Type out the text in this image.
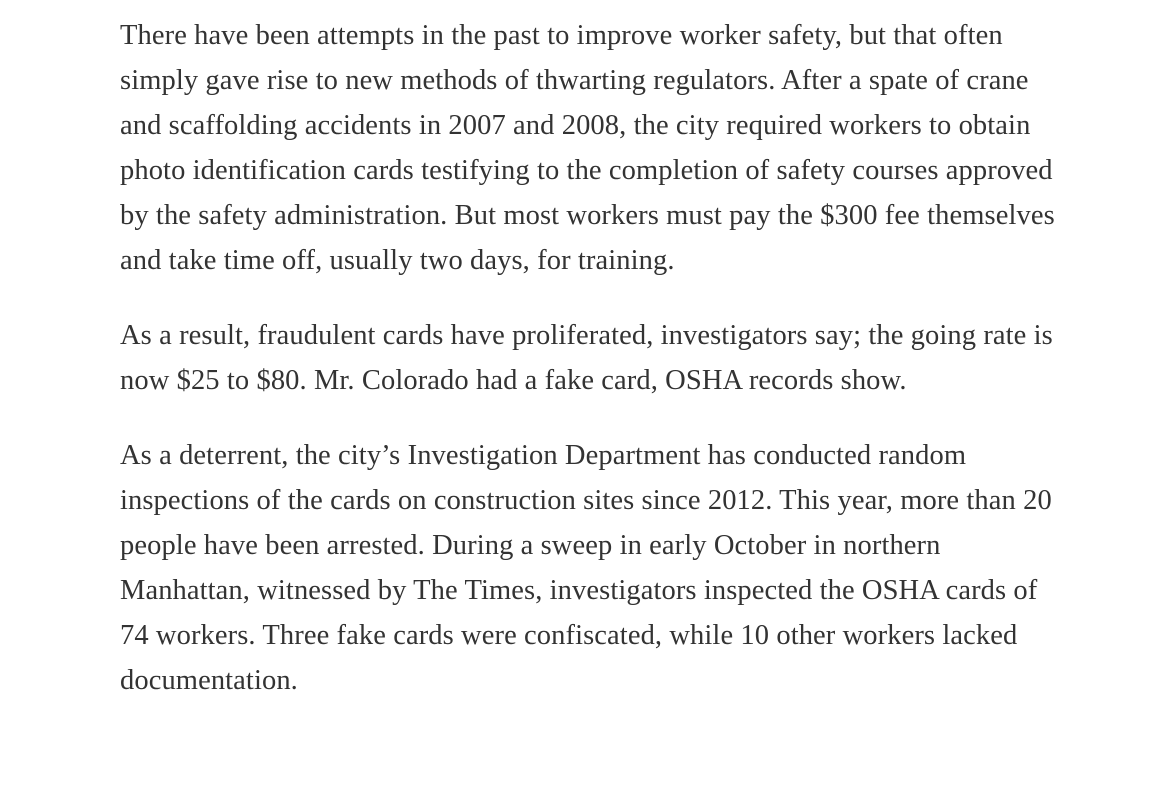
There have been attempts in the past to improve worker safety, but that often simply gave rise to new methods of thwarting regulators. After a spate of crane and scaffolding accidents in 2007 and 2008, the city required workers to obtain photo identification cards testifying to the completion of safety courses approved by the safety administration. But most workers must pay the $300 fee themselves and take time off, usually two days, for training.

As a result, fraudulent cards have proliferated, investigators say; the going rate is now $25 to $80. Mr. Colorado had a fake card, OSHA records show.

As a deterrent, the city’s Investigation Department has conducted random inspections of the cards on construction sites since 2012. This year, more than 20 people have been arrested. During a sweep in early October in northern Manhattan, witnessed by The Times, investigators inspected the OSHA cards of 74 workers. Three fake cards were confiscated, while 10 other workers lacked documentation.
